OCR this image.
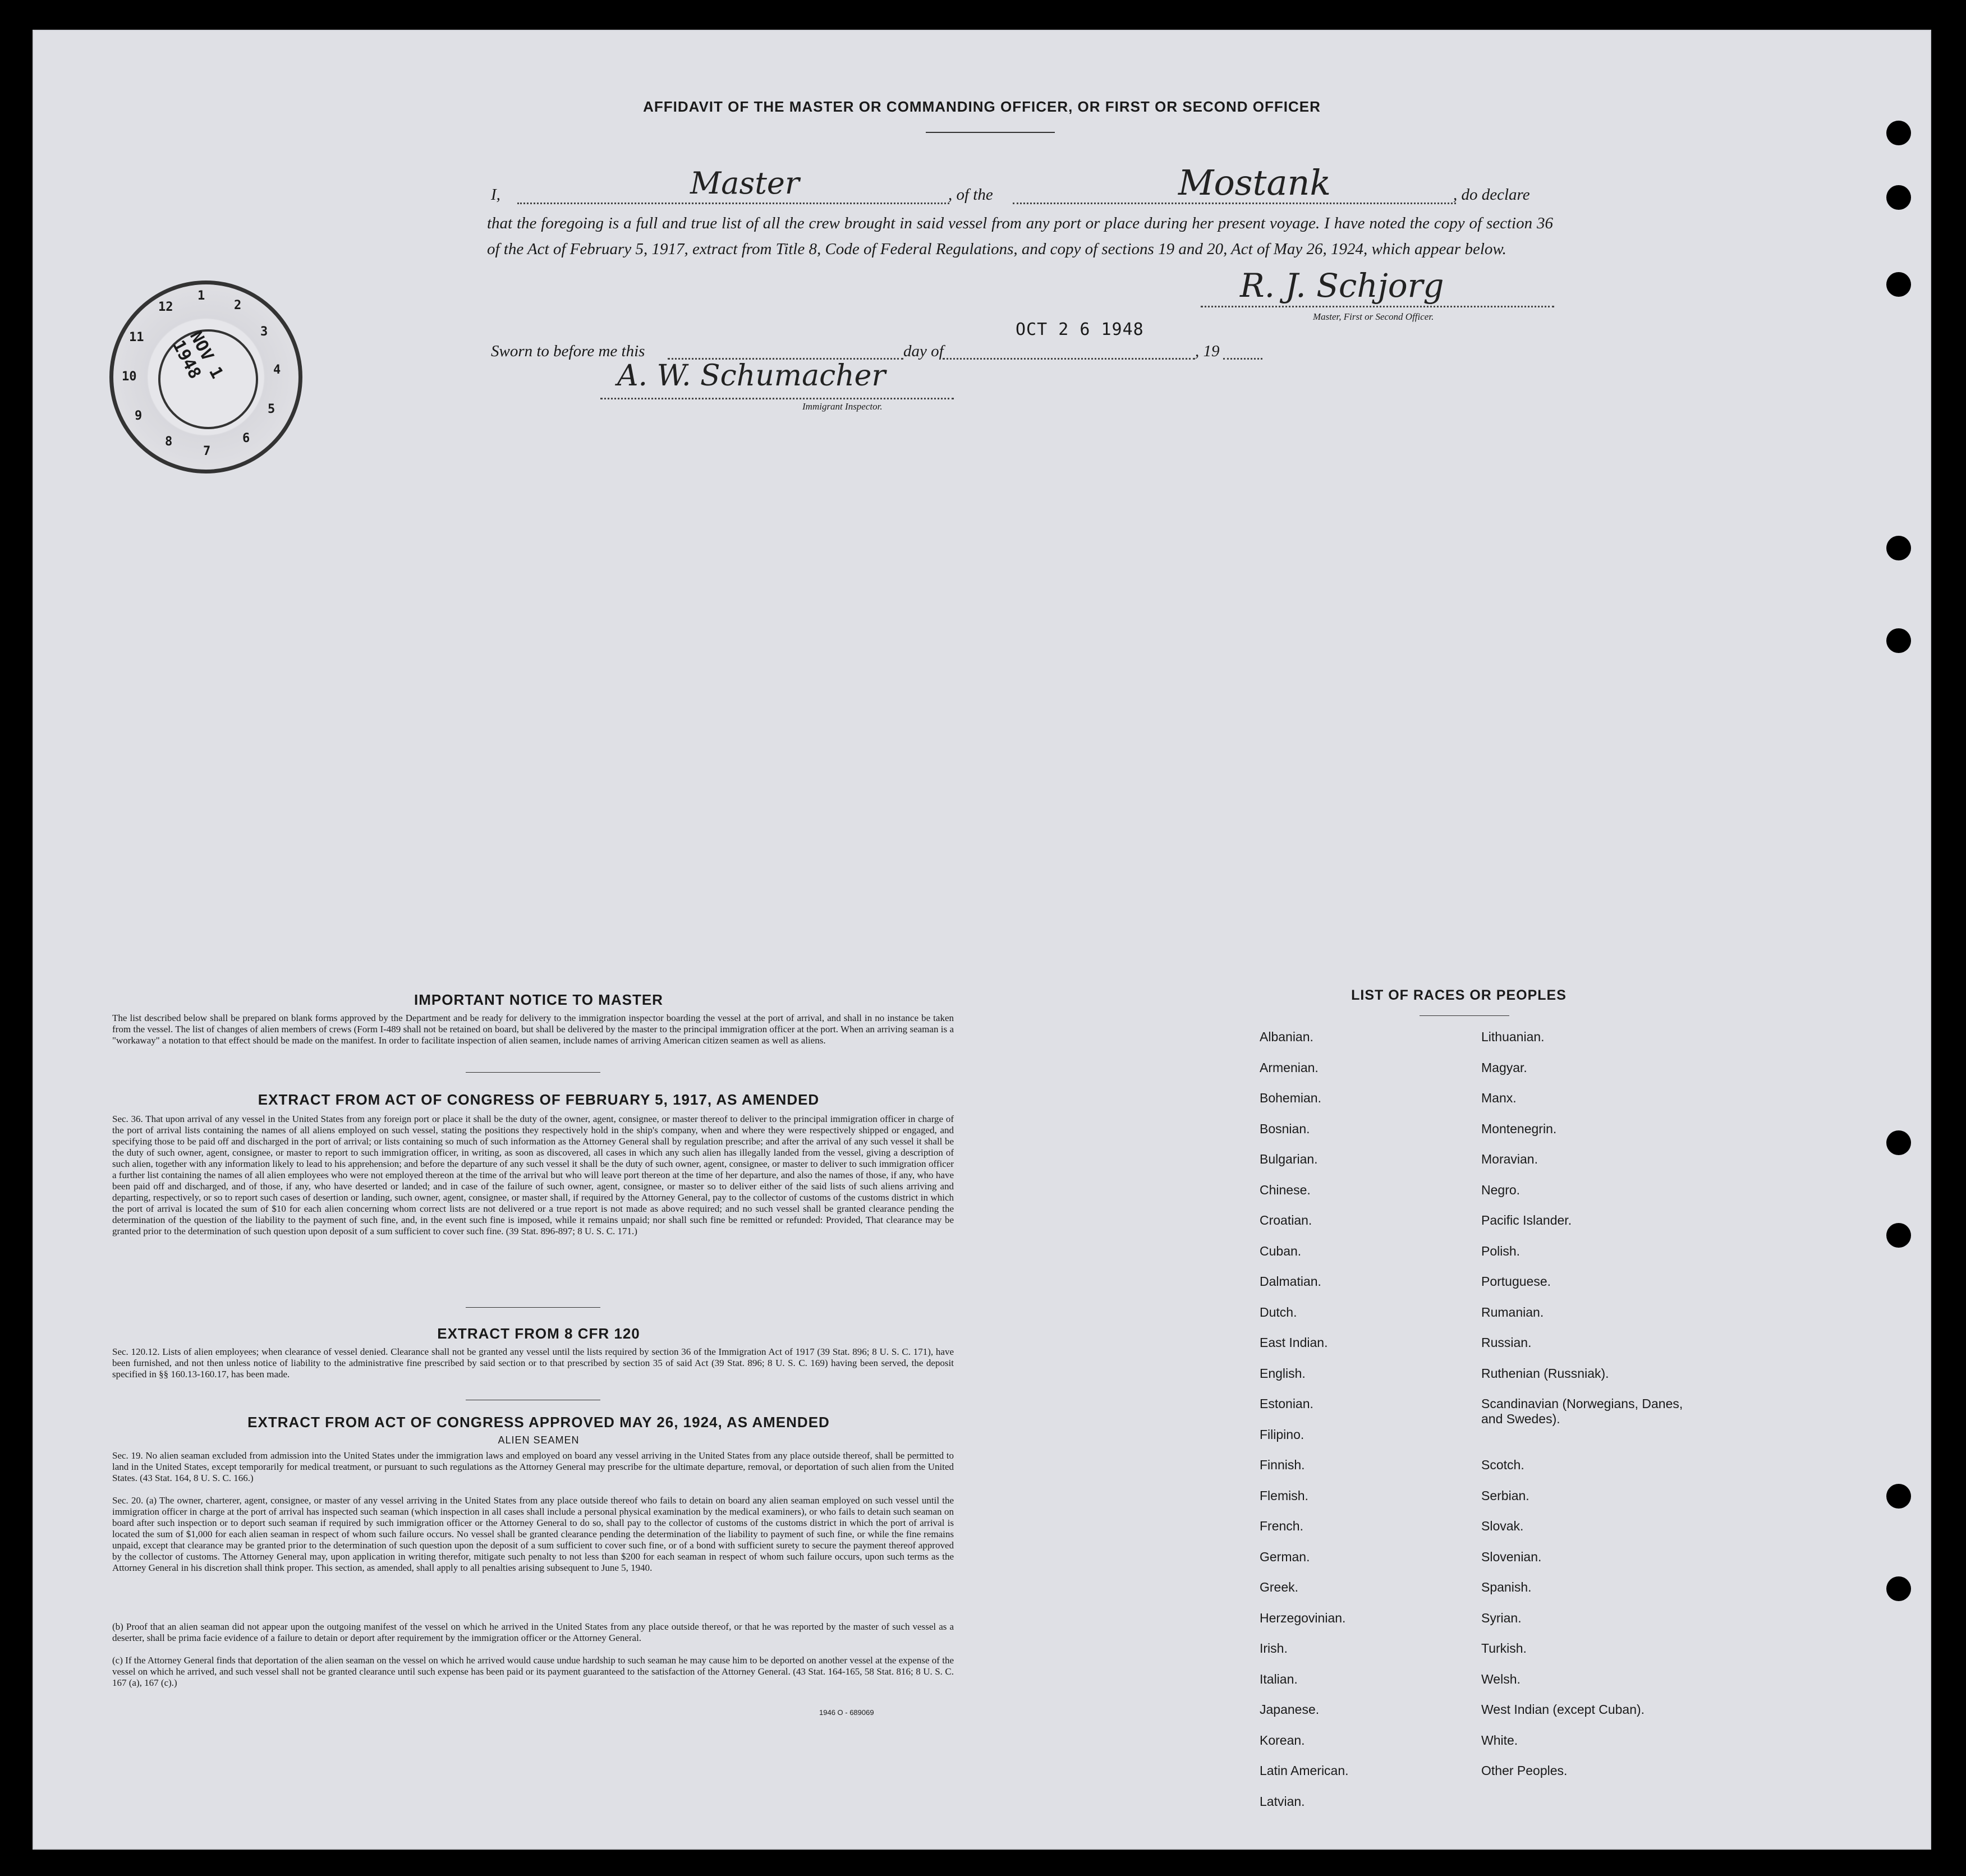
AFFIDAVIT OF THE MASTER OR COMMANDING OFFICER, OR FIRST OR SECOND OFFICER
I,	Master	, of the	Mostank	, do declare
that the foregoing is a full and true list of all the crew brought in said vessel from any port or place during her present voyage. I have noted the copy of section 36 of the Act of February 5, 1917, extract from Title 8, Code of Federal Regulations, and copy of sections 19 and 20, Act of May 26, 1924, which appear below.
R. J. Schjorg
Master, First or Second Officer.
Sworn to before me this	day of
OCT 2 6 1948
, 19
A. W. Schumacher
Immigrant Inspector.
NOV 1 1948
1
2
3
4
5
6
7
8
9
10
11
12
IMPORTANT NOTICE TO MASTER
The list described below shall be prepared on blank forms approved by the Department and be ready for delivery to the immigration inspector boarding the vessel at the port of arrival, and shall in no instance be taken from the vessel. The list of changes of alien members of crews (Form I-489 shall not be retained on board, but shall be delivered by the master to the principal immigration officer at the port. When an arriving seaman is a "workaway" a notation to that effect should be made on the manifest. In order to facilitate inspection of alien seamen, include names of arriving American citizen seamen as well as aliens.
EXTRACT FROM ACT OF CONGRESS OF FEBRUARY 5, 1917, AS AMENDED
Sec. 36. That upon arrival of any vessel in the United States from any foreign port or place it shall be the duty of the owner, agent, consignee, or master thereof to deliver to the principal immigration officer in charge of the port of arrival lists containing the names of all aliens employed on such vessel, stating the positions they respectively hold in the ship's company, when and where they were respectively shipped or engaged, and specifying those to be paid off and discharged in the port of arrival; or lists containing so much of such information as the Attorney General shall by regulation prescribe; and after the arrival of any such vessel it shall be the duty of such owner, agent, consignee, or master to report to such immigration officer, in writing, as soon as discovered, all cases in which any such alien has illegally landed from the vessel, giving a description of such alien, together with any information likely to lead to his apprehension; and before the departure of any such vessel it shall be the duty of such owner, agent, consignee, or master to deliver to such immigration officer a further list containing the names of all alien employees who were not employed thereon at the time of the arrival but who will leave port thereon at the time of her departure, and also the names of those, if any, who have been paid off and discharged, and of those, if any, who have deserted or landed; and in case of the failure of such owner, agent, consignee, or master so to deliver either of the said lists of such aliens arriving and departing, respectively, or so to report such cases of desertion or landing, such owner, agent, consignee, or master shall, if required by the Attorney General, pay to the collector of customs of the customs district in which the port of arrival is located the sum of $10 for each alien concerning whom correct lists are not delivered or a true report is not made as above required; and no such vessel shall be granted clearance pending the determination of the question of the liability to the payment of such fine, and, in the event such fine is imposed, while it remains unpaid; nor shall such fine be remitted or refunded: Provided, That clearance may be granted prior to the determination of such question upon deposit of a sum sufficient to cover such fine. (39 Stat. 896-897; 8 U. S. C. 171.)
EXTRACT FROM 8 CFR 120
Sec. 120.12. Lists of alien employees; when clearance of vessel denied. Clearance shall not be granted any vessel until the lists required by section 36 of the Immigration Act of 1917 (39 Stat. 896; 8 U. S. C. 171), have been furnished, and not then unless notice of liability to the administrative fine prescribed by said section or to that prescribed by section 35 of said Act (39 Stat. 896; 8 U. S. C. 169) having been served, the deposit specified in §§ 160.13-160.17, has been made.
EXTRACT FROM ACT OF CONGRESS APPROVED MAY 26, 1924, AS AMENDED
ALIEN SEAMEN
Sec. 19. No alien seaman excluded from admission into the United States under the immigration laws and employed on board any vessel arriving in the United States from any place outside thereof, shall be permitted to land in the United States, except temporarily for medical treatment, or pursuant to such regulations as the Attorney General may prescribe for the ultimate departure, removal, or deportation of such alien from the United States. (43 Stat. 164, 8 U. S. C. 166.)
Sec. 20. (a) The owner, charterer, agent, consignee, or master of any vessel arriving in the United States from any place outside thereof who fails to detain on board any alien seaman employed on such vessel until the immigration officer in charge at the port of arrival has inspected such seaman (which inspection in all cases shall include a personal physical examination by the medical examiners), or who fails to detain such seaman on board after such inspection or to deport such seaman if required by such immigration officer or the Attorney General to do so, shall pay to the collector of customs of the customs district in which the port of arrival is located the sum of $1,000 for each alien seaman in respect of whom such failure occurs. No vessel shall be granted clearance pending the determination of the liability to payment of such fine, or while the fine remains unpaid, except that clearance may be granted prior to the determination of such question upon the deposit of a sum sufficient to cover such fine, or of a bond with sufficient surety to secure the payment thereof approved by the collector of customs. The Attorney General may, upon application in writing therefor, mitigate such penalty to not less than $200 for each seaman in respect of whom such failure occurs, upon such terms as the Attorney General in his discretion shall think proper. This section, as amended, shall apply to all penalties arising subsequent to June 5, 1940.
(b) Proof that an alien seaman did not appear upon the outgoing manifest of the vessel on which he arrived in the United States from any place outside thereof, or that he was reported by the master of such vessel as a deserter, shall be prima facie evidence of a failure to detain or deport after requirement by the immigration officer or the Attorney General.
(c) If the Attorney General finds that deportation of the alien seaman on the vessel on which he arrived would cause undue hardship to such seaman he may cause him to be deported on another vessel at the expense of the vessel on which he arrived, and such vessel shall not be granted clearance until such expense has been paid or its payment guaranteed to the satisfaction of the Attorney General. (43 Stat. 164-165, 58 Stat. 816; 8 U. S. C. 167 (a), 167 (c).)
1946 O - 689069
LIST OF RACES OR PEOPLES
Albanian.
Armenian.
Bohemian.
Bosnian.
Bulgarian.
Chinese.
Croatian.
Cuban.
Dalmatian.
Dutch.
East Indian.
English.
Estonian.
Filipino.
Finnish.
Flemish.
French.
German.
Greek.
Herzegovinian.
Irish.
Italian.
Japanese.
Korean.
Latin American.
Latvian.
Lithuanian.
Magyar.
Manx.
Montenegrin.
Moravian.
Negro.
Pacific Islander.
Polish.
Portuguese.
Rumanian.
Russian.
Ruthenian (Russniak).
Scandinavian (Norwegians, Danes, and Swedes).
Scotch.
Serbian.
Slovak.
Slovenian.
Spanish.
Syrian.
Turkish.
Welsh.
West Indian (except Cuban).
White.
Other Peoples.
